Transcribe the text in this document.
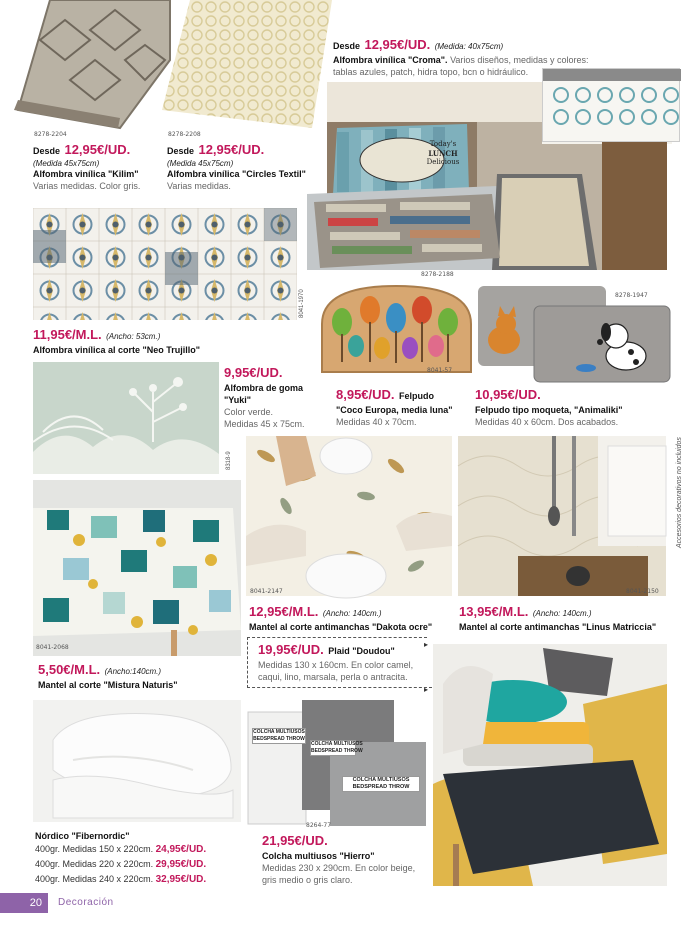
8278-2204
Desde 12,95€/UD.
(Medida 45x75cm)
Alfombra vinílica "Kilim"
Varias medidas. Color gris.
8278-2208
Desde 12,95€/UD.
(Medida 45x75cm)
Alfombra vinílica "Circles Textil"
Varias medidas.
Desde 12,95€/UD. (Medida: 40x75cm)
Alfombra vinílica "Croma". Varios diseños, medidas y colores:
tablas azules, patch, hidra topo, bcn o hidráulico.
Today's
LUNCH
Delicious
8278-2188
8041-1970
11,95€/M.L. (Ancho: 53cm.)
Alfombra vinílica al corte "Neo Trujillo"
8041-57
8,95€/UD. Felpudo
"Coco Europa, media luna"
Medidas 40 x 70cm.
8278-1947
10,95€/UD.
Felpudo tipo moqueta, "Animaliki"
Medidas 40 x 60cm. Dos acabados.
Accesorios decorativos no incluidos
8318-9
9,95€/UD.
Alfombra de goma
"Yuki"
Color verde.
Medidas 45 x 75cm.
8041-2068
5,50€/M.L. (Ancho:140cm.)
Mantel al corte "Mistura Naturis"
8041-2147
12,95€/M.L. (Ancho: 140cm.)
Mantel al corte antimanchas "Dakota ocre"
8041-2150
13,95€/M.L. (Ancho: 140cm.)
Mantel al corte antimanchas "Linus Matriccia"
19,95€/UD. Plaid "Doudou"
Medidas 130 x 160cm. En color camel,
caqui, lino, marsala, perla o antracita.
▸
▸
Nórdico "Fibernordic"
400gr. Medidas 150 x 220cm. 24,95€/UD.
400gr. Medidas 220 x 220cm. 29,95€/UD.
400gr. Medidas 240 x 220cm. 32,95€/UD.
COLCHA MULTIUSOS
BEDSPREAD THROW
COLCHA MULTIUSOS
BEDSPREAD THROW
COLCHA MULTIUSOS
BEDSPREAD THROW
8264-77
21,95€/UD.
Colcha multiusos "Hierro"
Medidas 230 x 290cm. En color beige,
gris medio o gris claro.
20	Decoración
